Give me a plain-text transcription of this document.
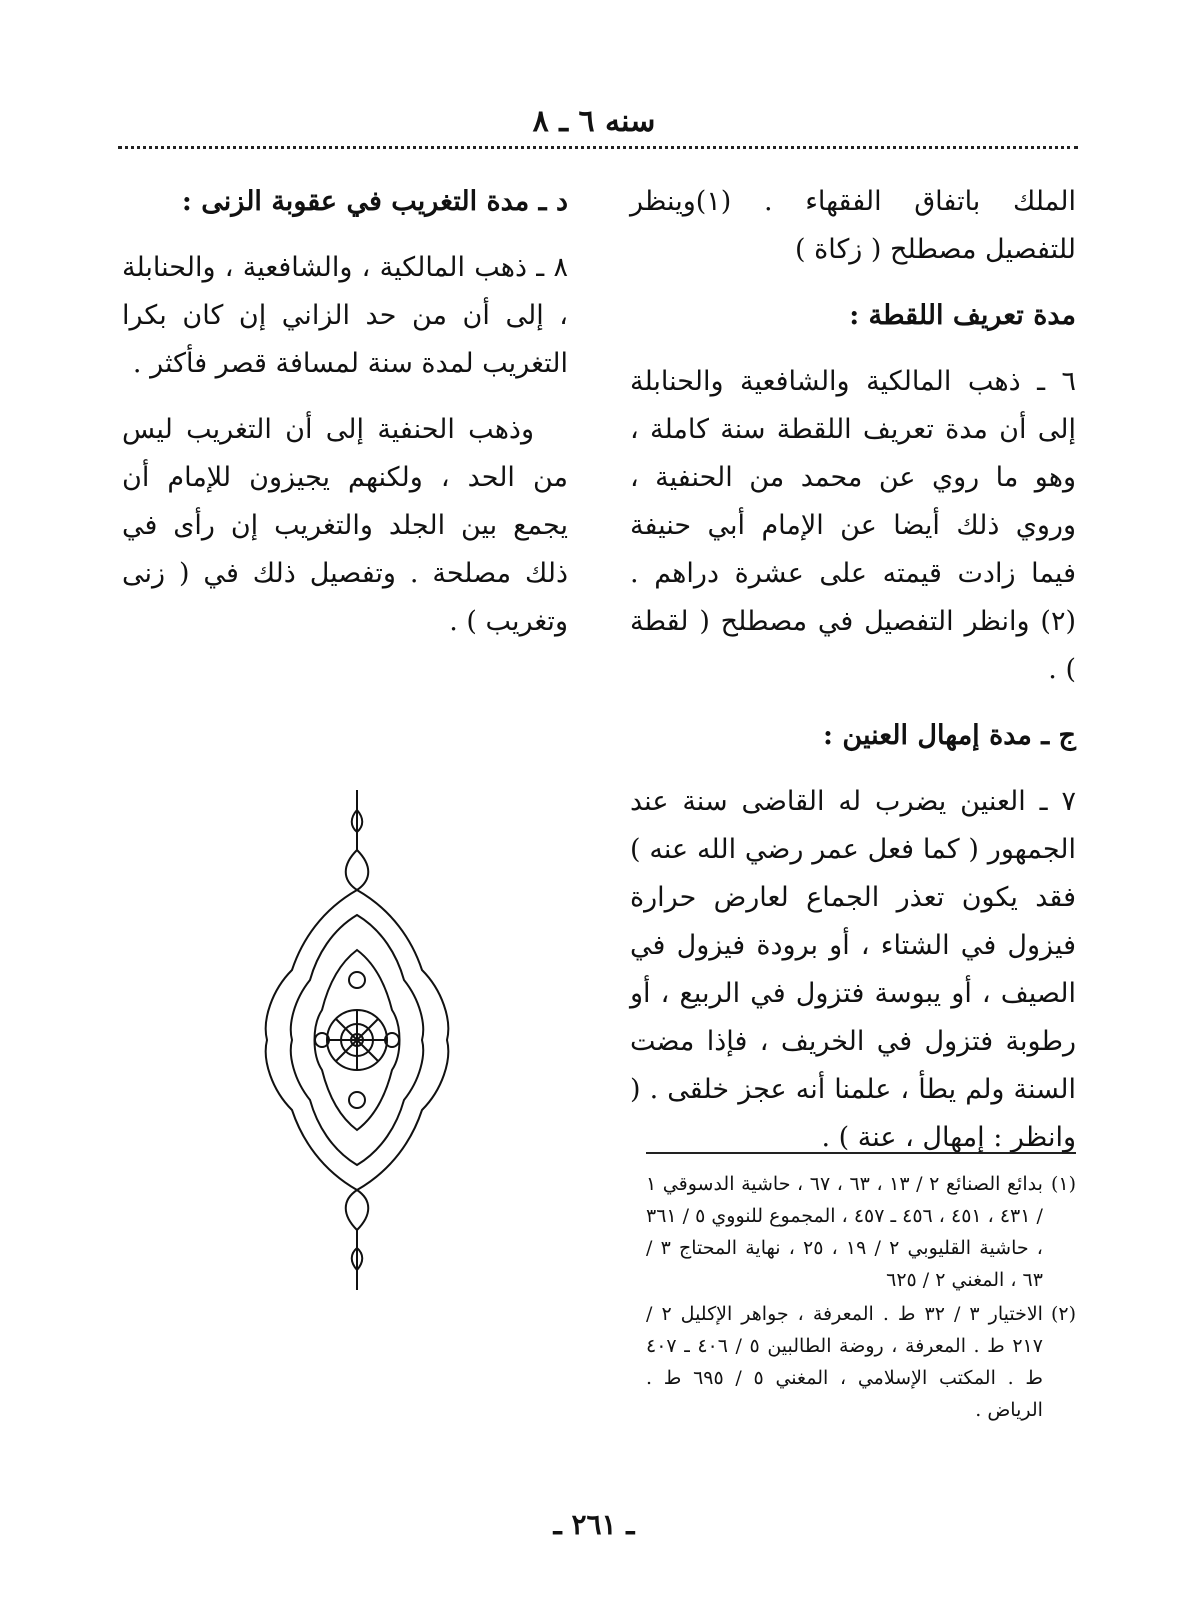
سنه ٦ ـ ٨

الملك باتفاق الفقهاء . (١)وينظر للتفصيل مصطلح ( زكاة )

مدة تعريف اللقطة :

٦ ـ ذهب المالكية والشافعية والحنابلة إلى أن مدة تعريف اللقطة سنة كاملة ، وهو ما روي عن محمد من الحنفية ، وروي ذلك أيضا عن الإمام أبي حنيفة فيما زادت قيمته على عشرة دراهم . (٢) وانظر التفصيل في مصطلح ( لقطة ) .

ج ـ مدة إمهال العنين :

٧ ـ العنين يضرب له القاضى سنة عند الجمهور ( كما فعل عمر رضي الله عنه ) فقد يكون تعذر الجماع لعارض حرارة فيزول في الشتاء ، أو برودة فيزول في الصيف ، أو يبوسة فتزول في الربيع ، أو رطوبة فتزول في الخريف ، فإذا مضت السنة ولم يطأ ، علمنا أنه عجز خلقى . ( وانظر : إمهال ، عنة ) .

د ـ مدة التغريب في عقوبة الزنى :

٨ ـ ذهب المالكية ، والشافعية ، والحنابلة ، إلى أن من حد الزاني إن كان بكرا التغريب لمدة سنة لمسافة قصر فأكثر .

وذهب الحنفية إلى أن التغريب ليس من الحد ، ولكنهم يجيزون للإمام أن يجمع بين الجلد والتغريب إن رأى في ذلك مصلحة . وتفصيل ذلك في ( زنى وتغريب ) .

(١)
بدائع الصنائع ٢ / ١٣ ، ٦٣ ، ٦٧ ، حاشية الدسوقي ١ / ٤٣١ ، ٤٥١ ، ٤٥٦ ـ ٤٥٧ ، المجموع للنووي ٥ / ٣٦١ ، حاشية القليوبي ٢ / ١٩ ، ٢٥ ، نهاية المحتاج ٣ / ٦٣ ، المغني ٢ / ٦٢٥
(٢)
الاختيار ٣ / ٣٢ ط . المعرفة ، جواهر الإكليل ٢ / ٢١٧ ط . المعرفة ، روضة الطالبين ٥ / ٤٠٦ ـ ٤٠٧ ط . المكتب الإسلامي ، المغني ٥ / ٦٩٥ ط . الرياض .
ـ ٢٦١ ـ
